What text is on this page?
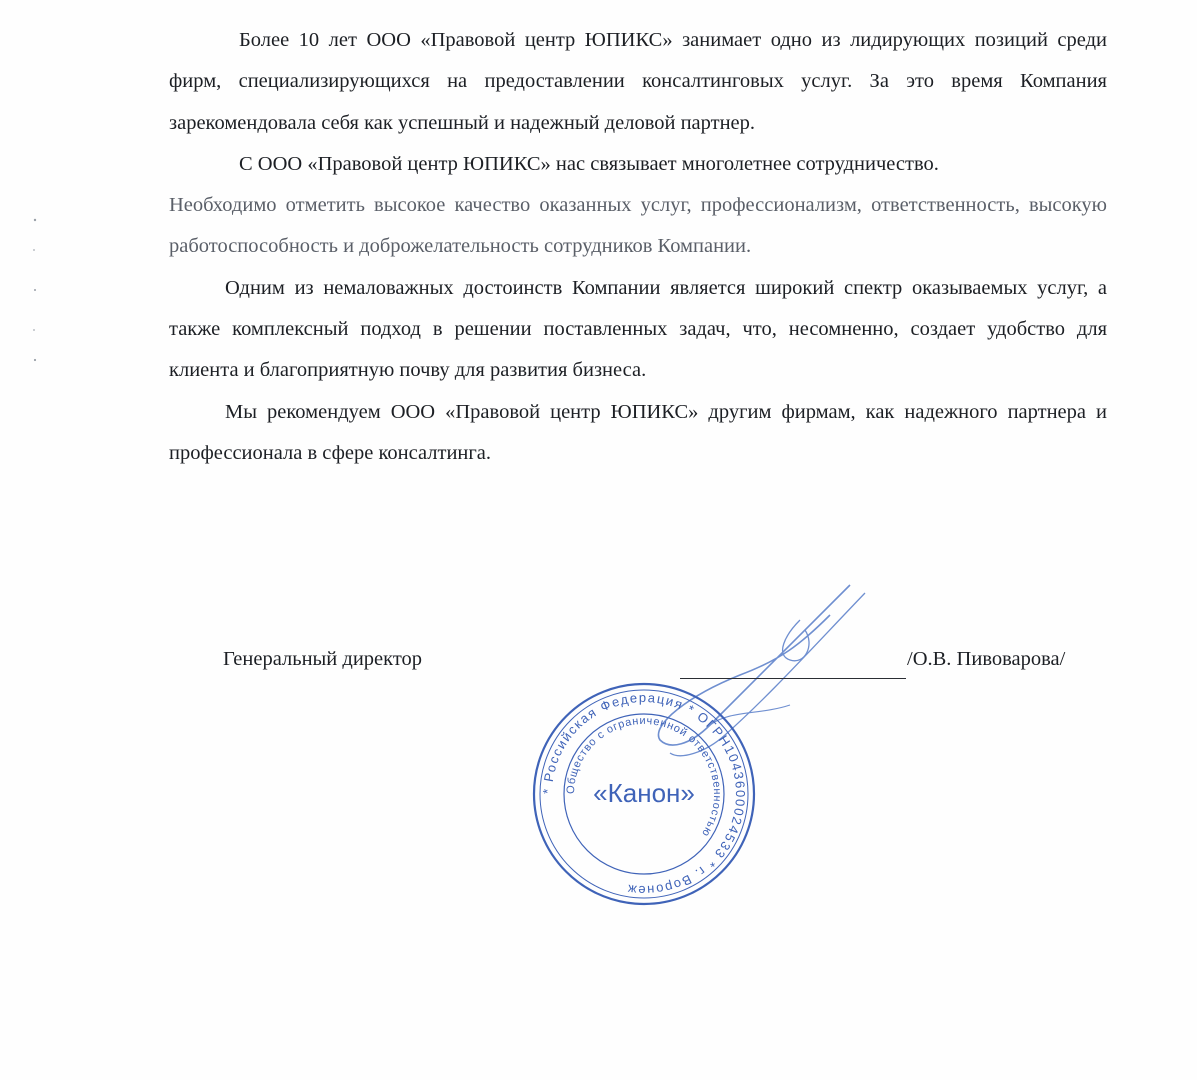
Более 10 лет ООО «Правовой центр ЮПИКС» занимает одно из лидирующих позиций среди фирм, специализирующихся на предоставлении консалтинговых услуг. За это время Компания зарекомендовала себя как успешный и надежный деловой партнер.

С ООО «Правовой центр ЮПИКС» нас связывает многолетнее сотрудничество.

Необходимо отметить высокое качество оказанных услуг, профессионализм, ответственность, высокую работоспособность и доброжелательность сотрудников Компании.

Одним из немаловажных достоинств Компании является широкий спектр оказываемых услуг, а также комплексный подход в решении поставленных задач, что, несомненно, создает удобство для клиента и благоприятную почву для развития бизнеса.

Мы рекомендуем ООО «Правовой центр ЮПИКС» другим фирмам, как надежного партнера и профессионала в сфере консалтинга.

Генеральный директор	/О.В. Пивоварова/
* Российская Федерация * ОГРН1043600024533 * г. Воронеж
Общество с ограниченной ответственностью
«Канон»
